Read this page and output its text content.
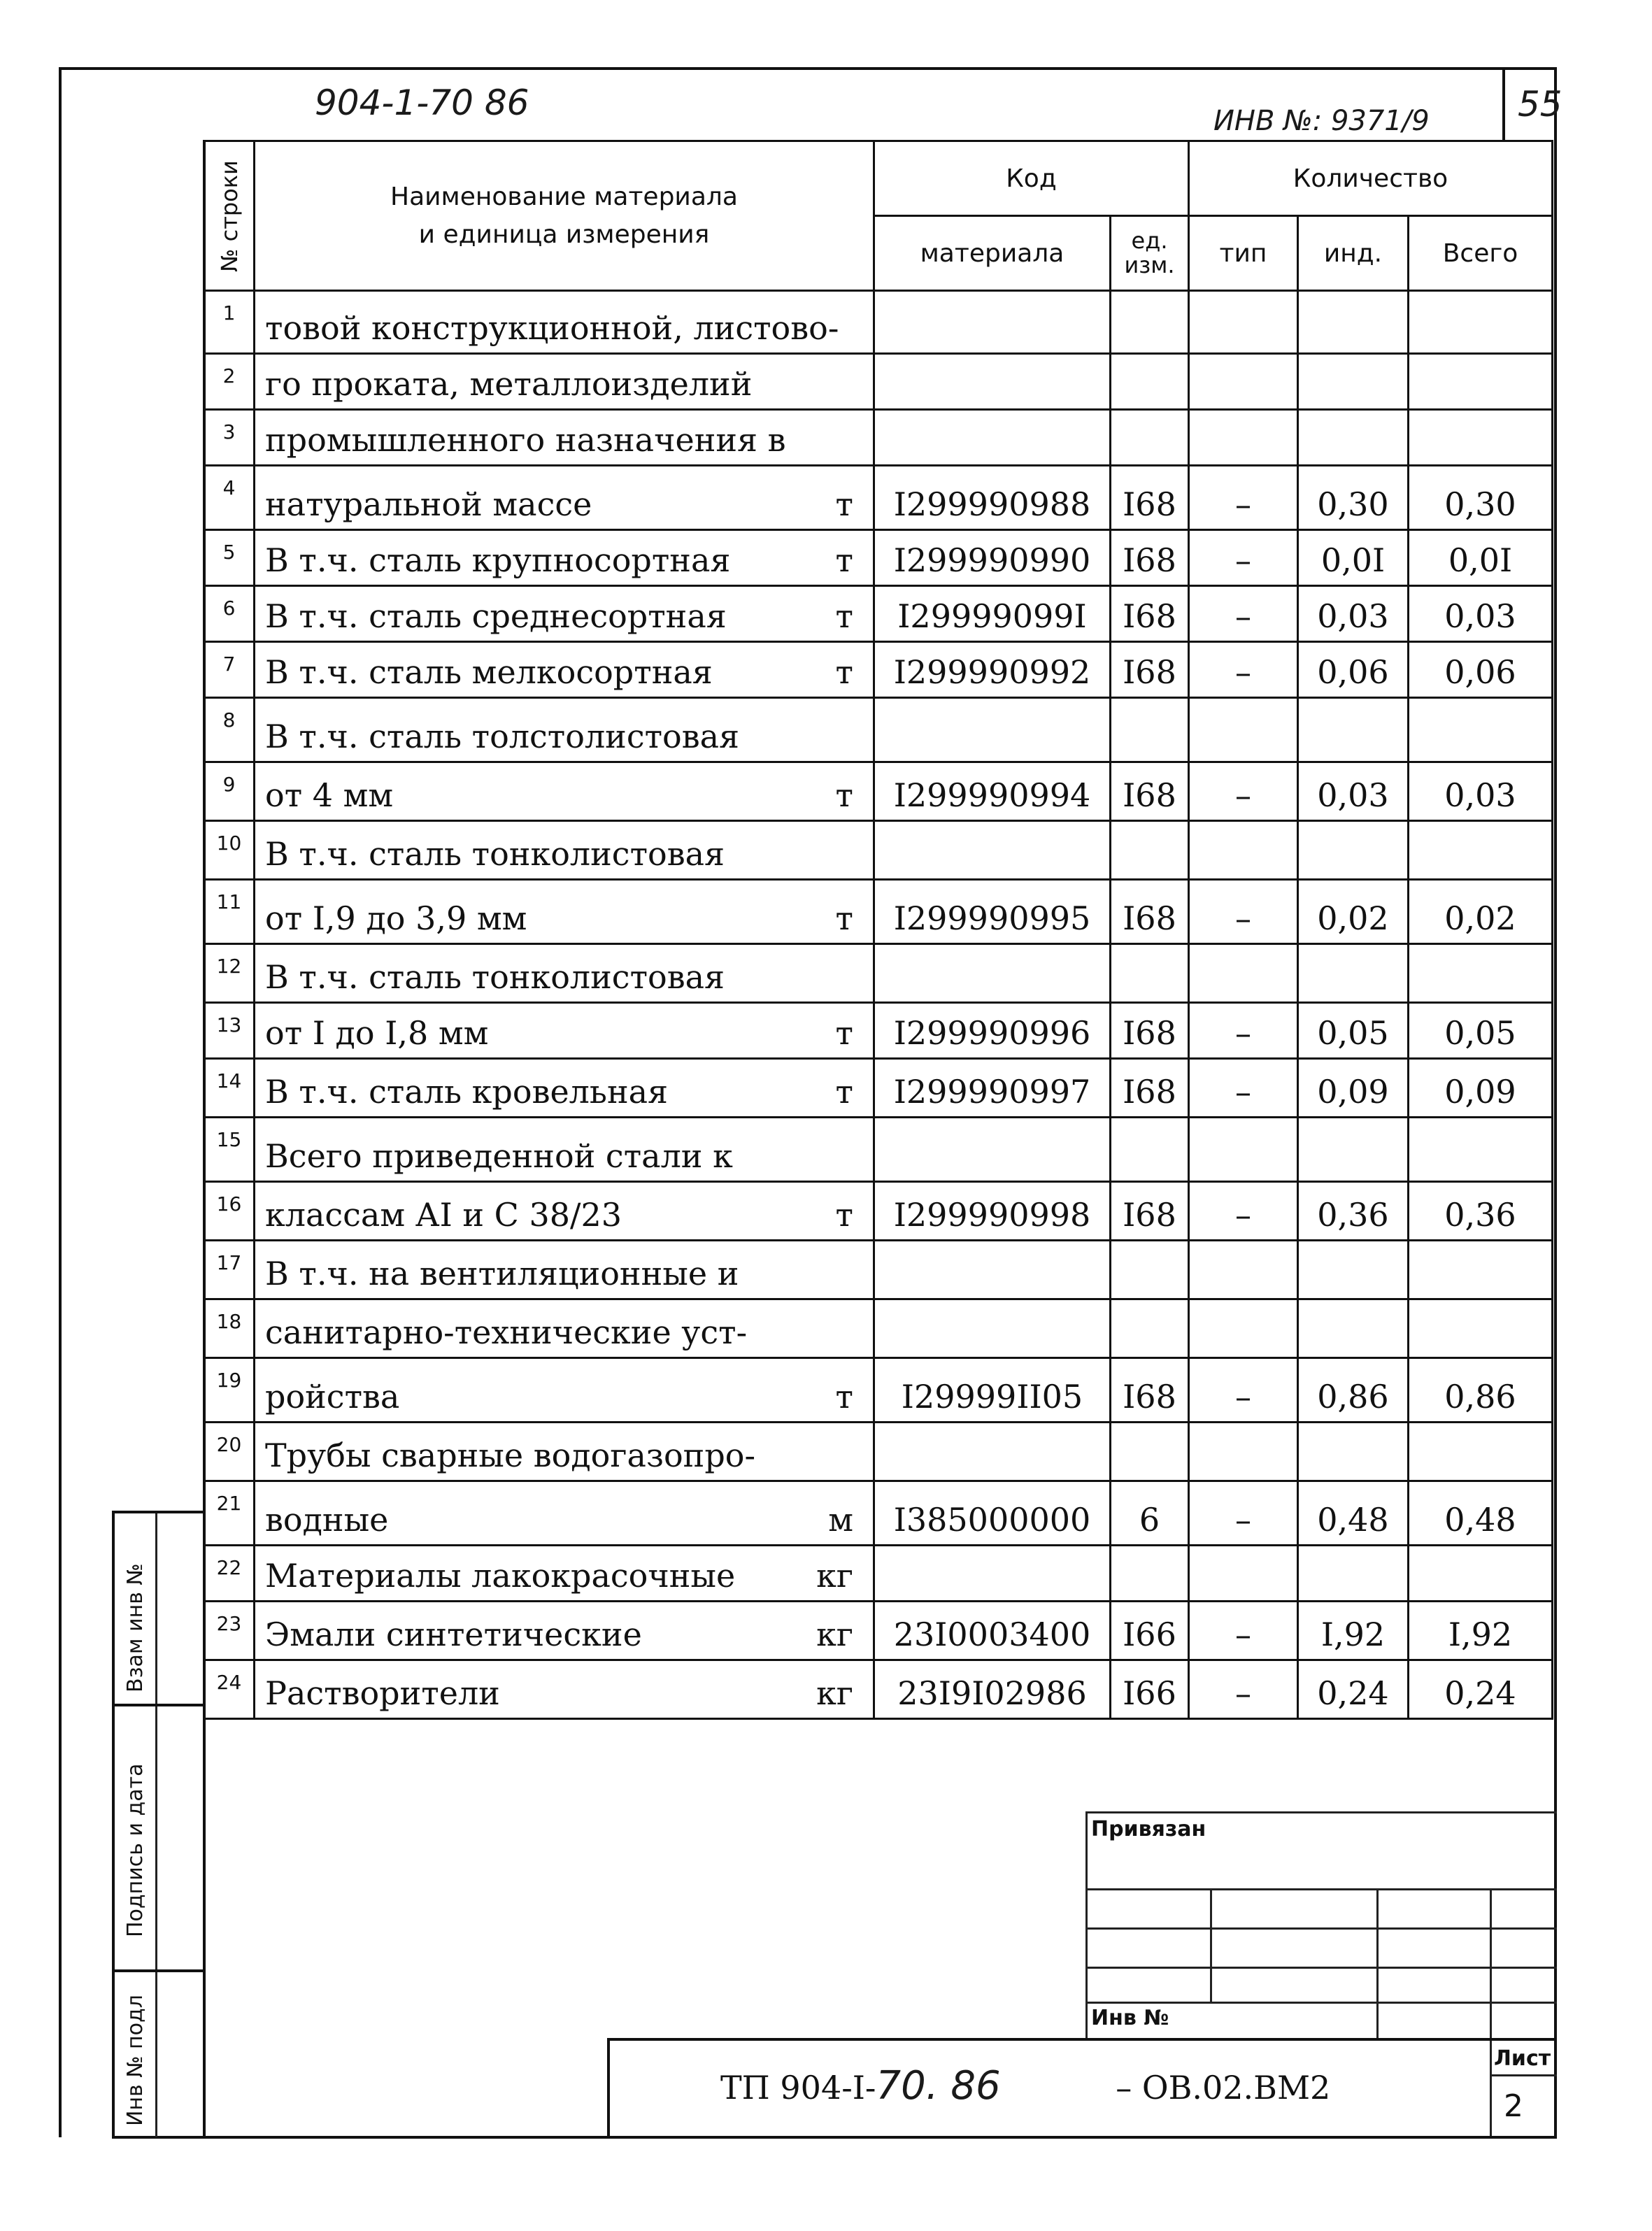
904-1-70 86	ИНВ №: 9371/9	55
№ строки	Наименование материала
и единица измерения	Код		Количество		
		материала	ед. изм.	тип	инд.	Всего
1	товой конструкционной, листово-					

2	го проката, металлоизделий					

3	промышленного назначения в					

4	натуральной массе т	I299990988	I68	–	0,30	0,30
5	В т.ч. сталь крупносортная т	I299990990	I68	–	0,0I	0,0I
6	В т.ч. сталь среднесортная т	I29999099I	I68	–	0,03	0,03
7	В т.ч. сталь мелкосортная т	I299990992	I68	–	0,06	0,06
8	В т.ч. сталь толстолистовая					

9	от 4 мм т	I299990994	I68	–	0,03	0,03
10	В т.ч. сталь тонколистовая					

11	от I,9 до 3,9 мм т	I299990995	I68	–	0,02	0,02
12	В т.ч. сталь тонколистовая					

13	от I до I,8 мм т	I299990996	I68	–	0,05	0,05
14	В т.ч. сталь кровельная т	I299990997	I68	–	0,09	0,09
15	Всего приведенной стали к					

16	классам АI и С 38/23 т	I299990998	I68	–	0,36	0,36
17	В т.ч. на вентиляционные и					

18	санитарно-технические уст-					

19	ройства т	I29999II05	I68	–	0,86	0,86
20	Трубы сварные водогазопро-					

21	водные м	I385000000	6	–	0,48	0,48
22	Материалы лакокрасочные кг					

23	Эмали синтетические кг	23I0003400	I66	–	I,92	I,92
24	Растворители кг	23I9I02986	I66	–	0,24	0,24
Взам инв №
Подпись и дата
Инв № подл
Привязан
Инв №
ТП 904-I-70. 86	– ОВ.02.ВМ2
Лист
2
